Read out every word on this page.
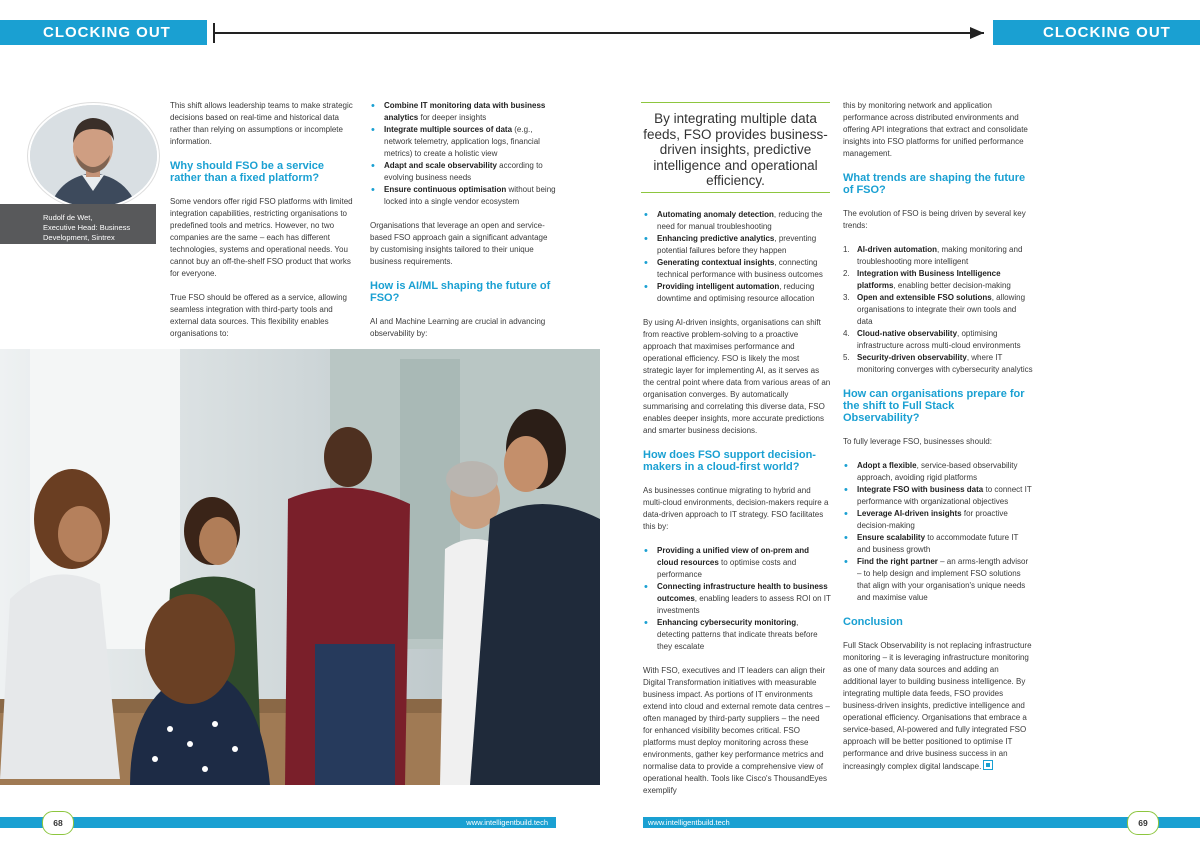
CLOCKING OUT	CLOCKING OUT
Rudolf de Wet,
Executive Head: Business
Development, Sintrex

This shift allows leadership teams to make strategic decisions based on real-time and historical data rather than relying on assumptions or incomplete information.

Why should FSO be a service rather than a fixed platform?

Some vendors offer rigid FSO platforms with limited integration capabilities, restricting organisations to predefined tools and metrics. However, no two companies are the same – each has different technologies, systems and operational needs. You cannot buy an off-the-shelf FSO product that works for everyone.

True FSO should be offered as a service, allowing seamless integration with third-party tools and external data sources. This flexibility enables organisations to:

• Combine IT monitoring data with business analytics for deeper insights
• Integrate multiple sources of data (e.g., network telemetry, application logs, financial metrics) to create a holistic view
• Adapt and scale observability according to evolving business needs
• Ensure continuous optimisation without being locked into a single vendor ecosystem

Organisations that leverage an open and service-based FSO approach gain a significant advantage by customising insights tailored to their unique business requirements.

How is AI/ML shaping the future of FSO?

AI and Machine Learning are crucial in advancing observability by:

By integrating multiple data feeds, FSO provides business-driven insights, predictive intelligence and operational efficiency.
• Automating anomaly detection, reducing the need for manual troubleshooting
• Enhancing predictive analytics, preventing potential failures before they happen
• Generating contextual insights, connecting technical performance with business outcomes
• Providing intelligent automation, reducing downtime and optimising resource allocation

By using AI-driven insights, organisations can shift from reactive problem-solving to a proactive approach that maximises performance and operational efficiency. FSO is likely the most strategic layer for implementing AI, as it serves as the central point where data from various areas of an organisation converges. By automatically summarising and correlating this diverse data, FSO enables deeper insights, more accurate predictions and smarter business decisions.

How does FSO support decision-makers in a cloud-first world?

As businesses continue migrating to hybrid and multi-cloud environments, decision-makers require a data-driven approach to IT strategy. FSO facilitates this by:

• Providing a unified view of on-prem and cloud resources to optimise costs and performance
• Connecting infrastructure health to business outcomes, enabling leaders to assess ROI on IT investments
• Enhancing cybersecurity monitoring, detecting patterns that indicate threats before they escalate

With FSO, executives and IT leaders can align their Digital Transformation initiatives with measurable business impact. As portions of IT environments extend into cloud and external remote data centres – often managed by third-party suppliers – the need for enhanced visibility becomes critical. FSO platforms must deploy monitoring across these environments, gather key performance metrics and normalise data to provide a comprehensive view of operational health. Tools like Cisco's ThousandEyes exemplify

this by monitoring network and application performance across distributed environments and offering API integrations that extract and consolidate insights into FSO platforms for unified performance management.

What trends are shaping the future of FSO?

The evolution of FSO is being driven by several key trends:

1. AI-driven automation, making monitoring and troubleshooting more intelligent
2. Integration with Business Intelligence platforms, enabling better decision-making
3. Open and extensible FSO solutions, allowing organisations to integrate their own tools and data
4. Cloud-native observability, optimising infrastructure across multi-cloud environments
5. Security-driven observability, where IT monitoring converges with cybersecurity analytics
How can organisations prepare for the shift to Full Stack Observability?

To fully leverage FSO, businesses should:

• Adopt a flexible, service-based observability approach, avoiding rigid platforms
• Integrate FSO with business data to connect IT performance with organizational objectives
• Leverage AI-driven insights for proactive decision-making
• Ensure scalability to accommodate future IT and business growth
• Find the right partner – an arms-length advisor – to help design and implement FSO solutions that align with your organisation's unique needs and maximise value
Conclusion

Full Stack Observability is not replacing infrastructure monitoring – it is leveraging infrastructure monitoring as one of many data sources and adding an additional layer to building business intelligence. By integrating multiple data feeds, FSO provides business-driven insights, predictive intelligence and operational efficiency. Organisations that embrace a service-based, AI-powered and fully integrated FSO approach will be better positioned to optimise IT performance and drive business success in an increasingly complex digital landscape.

www.intelligentbuild.tech	www.intelligentbuild.tech
68	69
